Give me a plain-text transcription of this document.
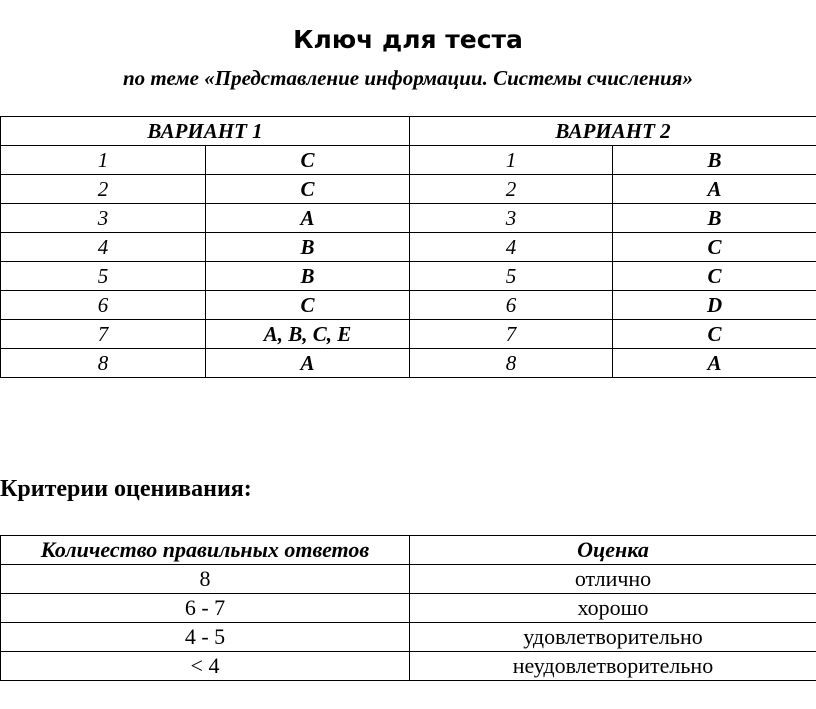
Ключ для теста
по теме «Представление информации. Системы счисления»
ВАРИАНТ 1		ВАРИАНТ 2	
1	С	1	В
2	С	2	А
3	А	3	В
4	В	4	С
5	В	5	С
6	С	6	D
7	А, В, С, Е	7	С
8	А	8	А
Критерии оценивания:
Количество правильных ответов	Оценка
8	отлично
6 - 7	хорошо
4 - 5	удовлетворительно
< 4	неудовлетворительно
